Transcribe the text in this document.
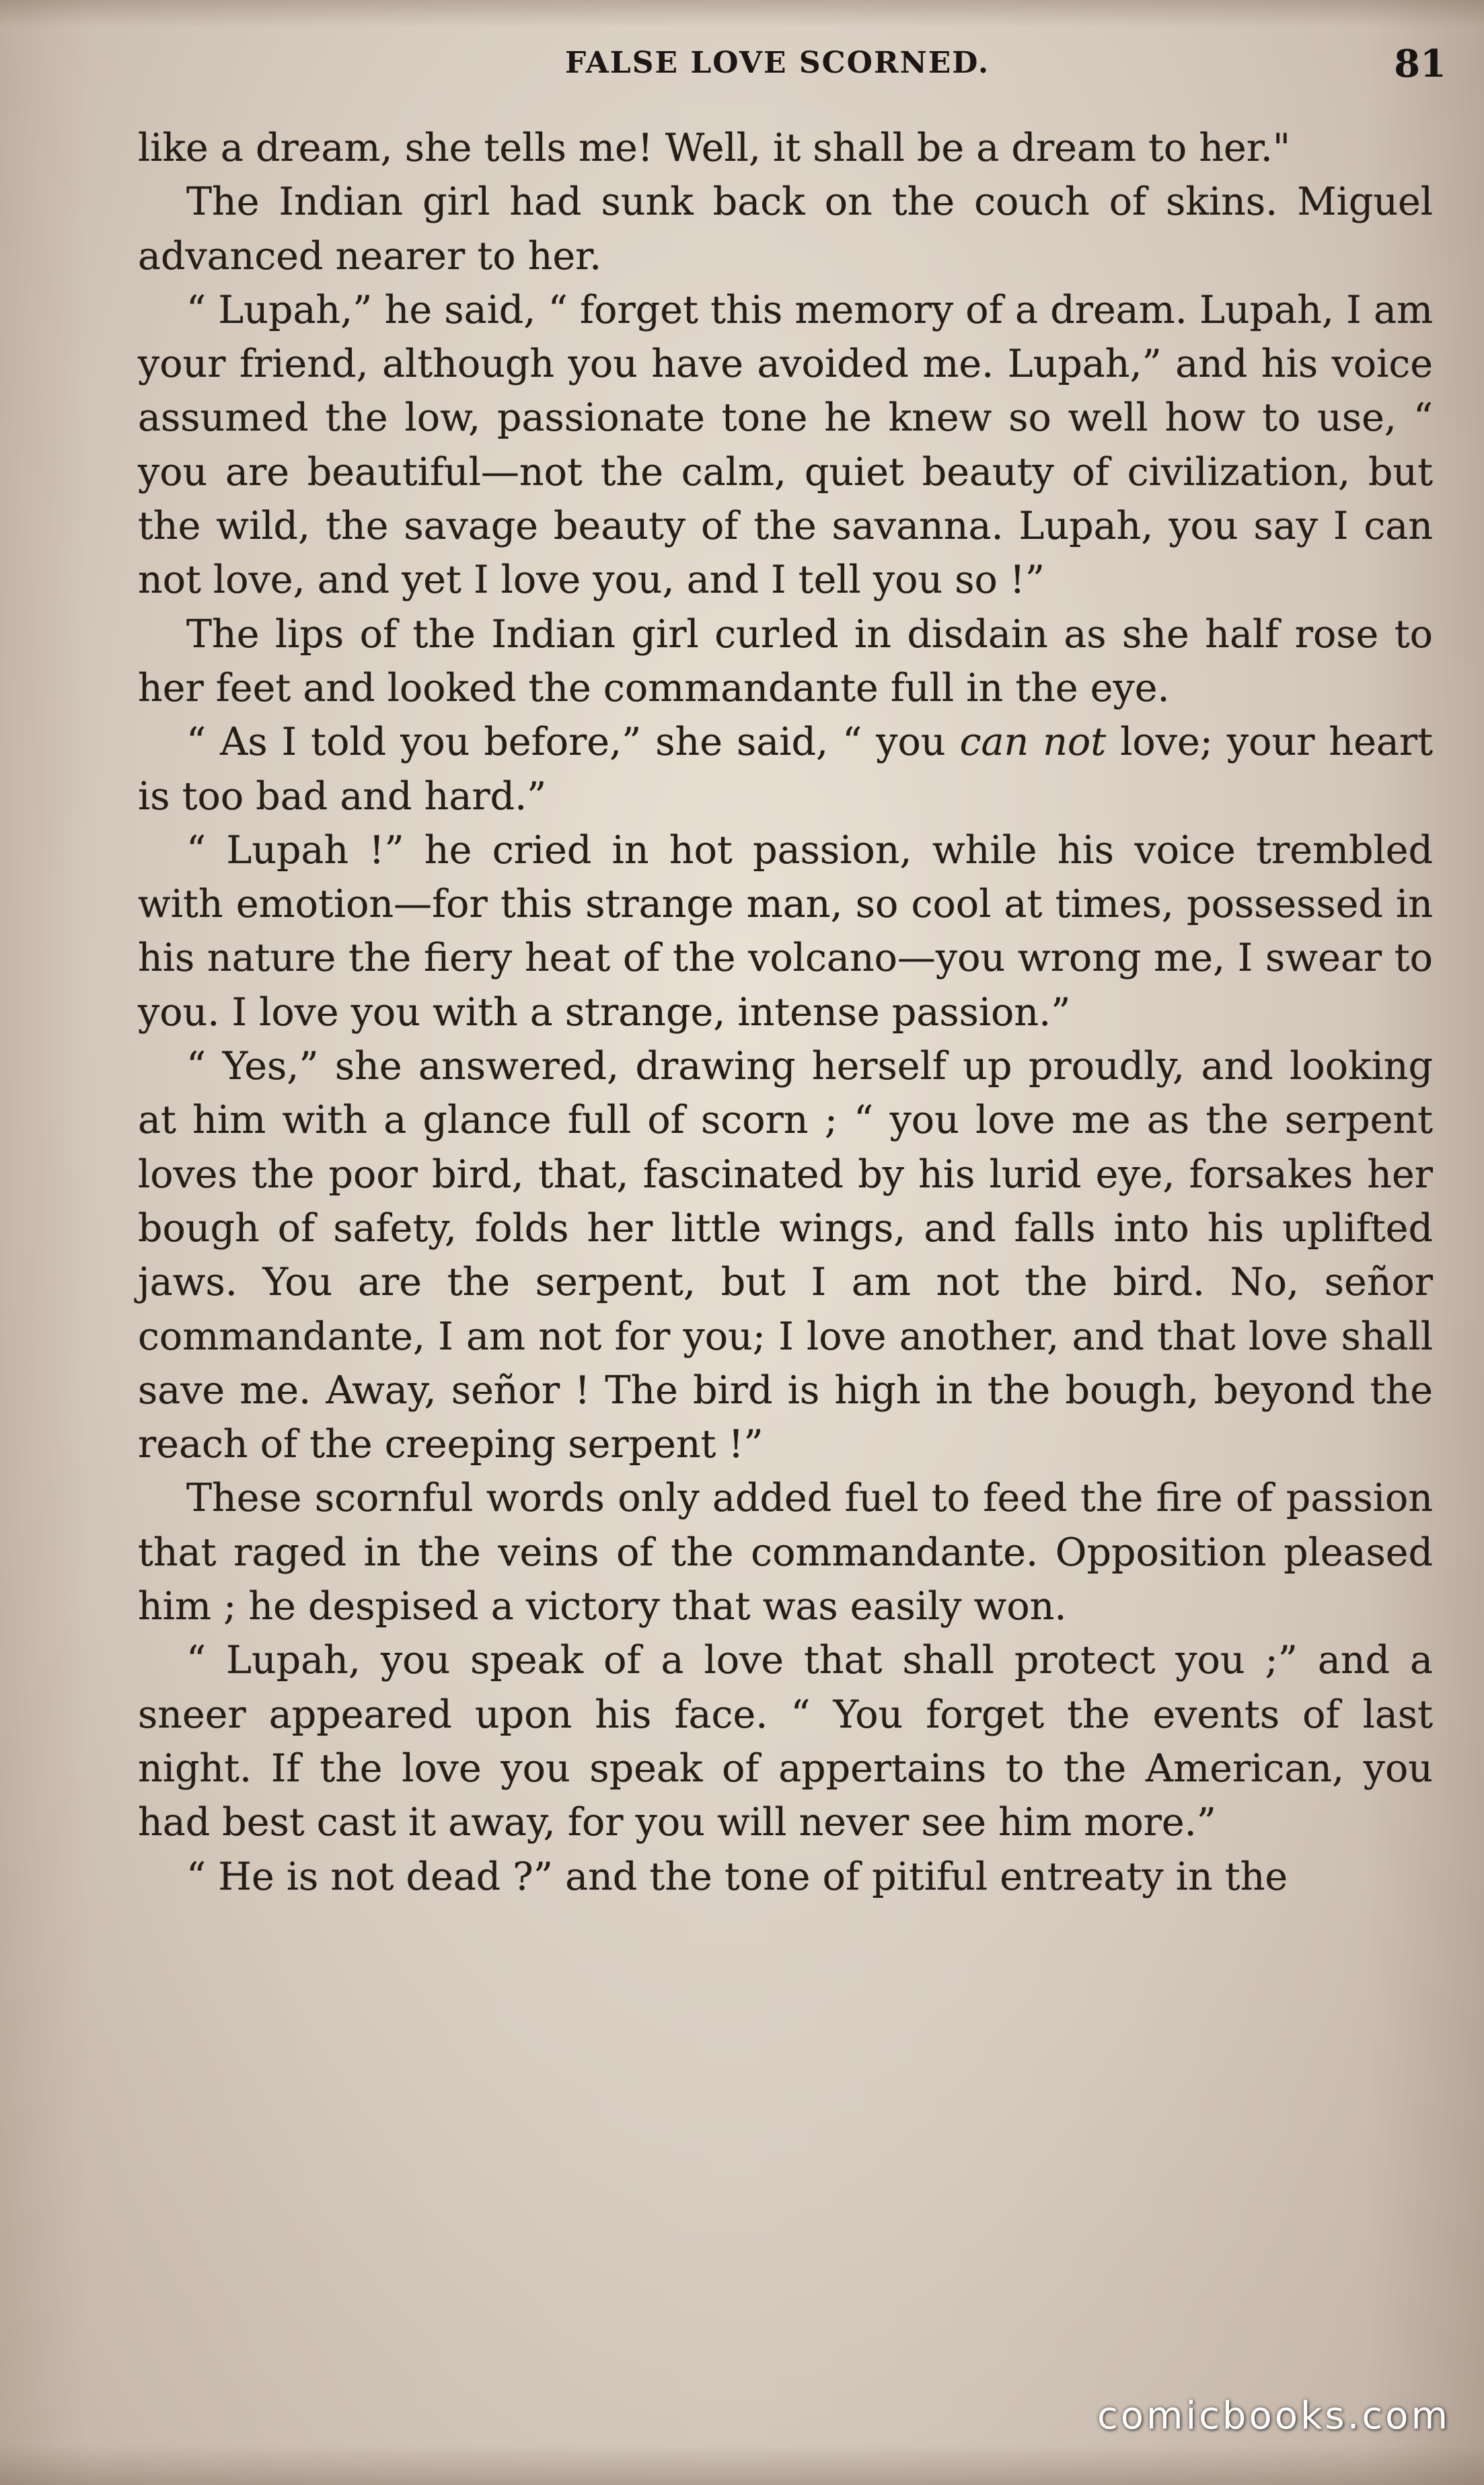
FALSE LOVE SCORNED.	81

like a dream, she tells me! Well, it shall be a dream to her."

The Indian girl had sunk back on the couch of skins. Miguel advanced nearer to her.

“ Lupah,” he said, “ forget this memory of a dream. Lupah, I am your friend, although you have avoided me. Lupah,” and his voice assumed the low, passionate tone he knew so well how to use, “ you are beautiful—not the calm, quiet beauty of civilization, but the wild, the savage beauty of the savanna. Lupah, you say I can not love, and yet I love you, and I tell you so !”

The lips of the Indian girl curled in disdain as she half rose to her feet and looked the commandante full in the eye.

“ As I told you before,” she said, “ you can not love; your heart is too bad and hard.”

“ Lupah !” he cried in hot passion, while his voice trembled with emotion—for this strange man, so cool at times, possessed in his nature the fiery heat of the volcano—you wrong me, I swear to you. I love you with a strange, intense passion.”

“ Yes,” she answered, drawing herself up proudly, and looking at him with a glance full of scorn ; “ you love me as the serpent loves the poor bird, that, fascinated by his lurid eye, forsakes her bough of safety, folds her little wings, and falls into his uplifted jaws. You are the serpent, but I am not the bird. No, señor commandante, I am not for you; I love another, and that love shall save me. Away, señor ! The bird is high in the bough, beyond the reach of the creeping serpent !”

These scornful words only added fuel to feed the fire of passion that raged in the veins of the commandante. Opposition pleased him ; he despised a victory that was easily won.

“ Lupah, you speak of a love that shall protect you ;” and a sneer appeared upon his face. “ You forget the events of last night. If the love you speak of appertains to the American, you had best cast it away, for you will never see him more.”

“ He is not dead ?” and the tone of pitiful entreaty in the

comicbooks.com
